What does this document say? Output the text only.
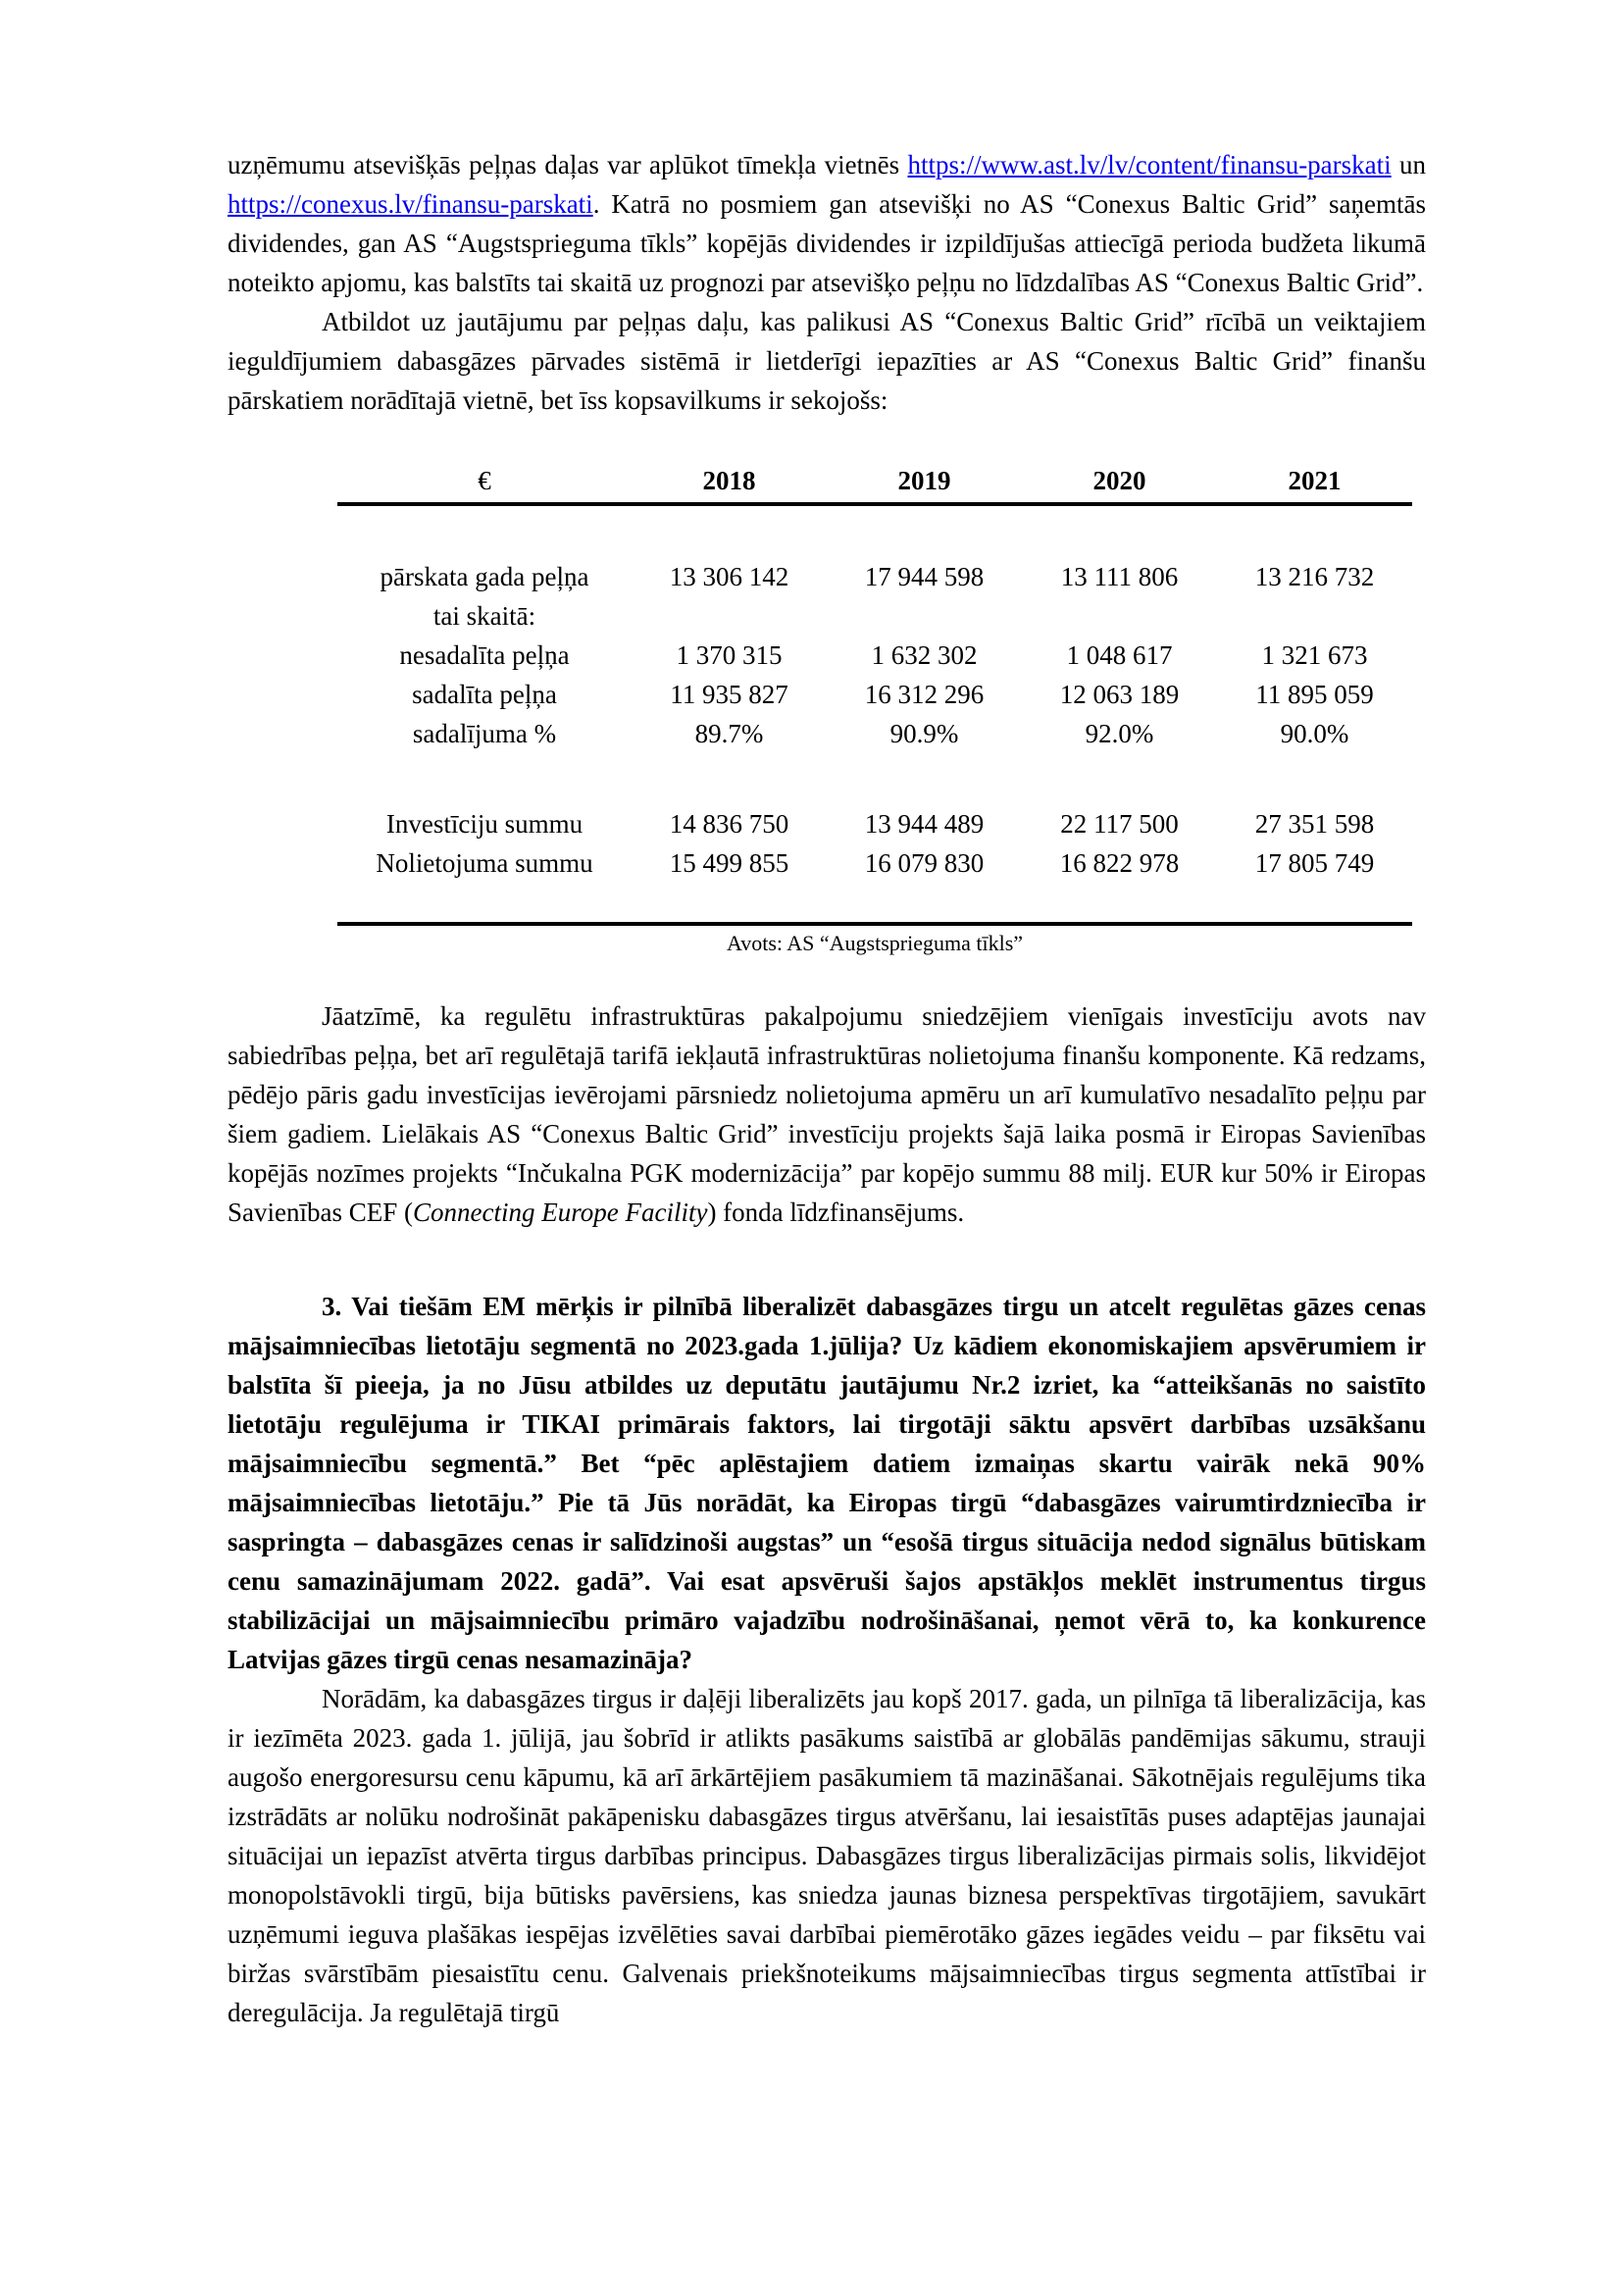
uzņēmumu atsevišķās peļņas daļas var aplūkot tīmekļa vietnēs https://www.ast.lv/lv/content/finansu-parskati un https://conexus.lv/finansu-parskati. Katrā no posmiem gan atsevišķi no AS “Conexus Baltic Grid” saņemtās dividendes, gan AS “Augstsprieguma tīkls” kopējās dividendes ir izpildījušas attiecīgā perioda budžeta likumā noteikto apjomu, kas balstīts tai skaitā uz prognozi par atsevišķo peļņu no līdzdalības AS “Conexus Baltic Grid”.

Atbildot uz jautājumu par peļņas daļu, kas palikusi AS “Conexus Baltic Grid” rīcībā un veiktajiem ieguldījumiem dabasgāzes pārvades sistēmā ir lietderīgi iepazīties ar AS “Conexus Baltic Grid” finanšu pārskatiem norādītajā vietnē, bet īss kopsavilkums ir sekojošs:

€	2018	2019	2020	2021

pārskata gada peļņa	13 306 142	17 944 598	13 111 806	13 216 732
tai skaitā:				
nesadalīta peļņa	1 370 315	1 632 302	1 048 617	1 321 673
sadalīta peļņa	11 935 827	16 312 296	12 063 189	11 895 059
sadalījuma %	89.7%	90.9%	92.0%	90.0%

Investīciju summu	14 836 750	13 944 489	22 117 500	27 351 598
Nolietojuma summu	15 499 855	16 079 830	16 822 978	17 805 749

Avots: AS “Augstsprieguma tīkls”

Jāatzīmē, ka regulētu infrastruktūras pakalpojumu sniedzējiem vienīgais investīciju avots nav sabiedrības peļņa, bet arī regulētajā tarifā iekļautā infrastruktūras nolietojuma finanšu komponente. Kā redzams, pēdējo pāris gadu investīcijas ievērojami pārsniedz nolietojuma apmēru un arī kumulatīvo nesadalīto peļņu par šiem gadiem. Lielākais AS “Conexus Baltic Grid” investīciju projekts šajā laika posmā ir Eiropas Savienības kopējās nozīmes projekts “Inčukalna PGK modernizācija” par kopējo summu 88 milj. EUR kur 50% ir Eiropas Savienības CEF (Connecting Europe Facility) fonda līdzfinansējums.

3. Vai tiešām EM mērķis ir pilnībā liberalizēt dabasgāzes tirgu un atcelt regulētas gāzes cenas mājsaimniecības lietotāju segmentā no 2023.gada 1.jūlija? Uz kādiem ekonomiskajiem apsvērumiem ir balstīta šī pieeja, ja no Jūsu atbildes uz deputātu jautājumu Nr.2 izriet, ka “atteikšanās no saistīto lietotāju regulējuma ir TIKAI primārais faktors, lai tirgotāji sāktu apsvērt darbības uzsākšanu mājsaimniecību segmentā.” Bet “pēc aplēstajiem datiem izmaiņas skartu vairāk nekā 90% mājsaimniecības lietotāju.” Pie tā Jūs norādāt, ka Eiropas tirgū “dabasgāzes vairumtirdzniecība ir saspringta – dabasgāzes cenas ir salīdzinoši augstas” un “esošā tirgus situācija nedod signālus būtiskam cenu samazinājumam 2022. gadā”. Vai esat apsvēruši šajos apstākļos meklēt instrumentus tirgus stabilizācijai un mājsaimniecību primāro vajadzību nodrošināšanai, ņemot vērā to, ka konkurence Latvijas gāzes tirgū cenas nesamazināja?

Norādām, ka dabasgāzes tirgus ir daļēji liberalizēts jau kopš 2017. gada, un pilnīga tā liberalizācija, kas ir iezīmēta 2023. gada 1. jūlijā, jau šobrīd ir atlikts pasākums saistībā ar globālās pandēmijas sākumu, strauji augošo energoresursu cenu kāpumu, kā arī ārkārtējiem pasākumiem tā mazināšanai. Sākotnējais regulējums tika izstrādāts ar nolūku nodrošināt pakāpenisku dabasgāzes tirgus atvēršanu, lai iesaistītās puses adaptējas jaunajai situācijai un iepazīst atvērta tirgus darbības principus. Dabasgāzes tirgus liberalizācijas pirmais solis, likvidējot monopolstāvokli tirgū, bija būtisks pavērsiens, kas sniedza jaunas biznesa perspektīvas tirgotājiem, savukārt uzņēmumi ieguva plašākas iespējas izvēlēties savai darbībai piemērotāko gāzes iegādes veidu – par fiksētu vai biržas svārstībām piesaistītu cenu. Galvenais priekšnoteikums mājsaimniecības tirgus segmenta attīstībai ir deregulācija. Ja regulētajā tirgū
